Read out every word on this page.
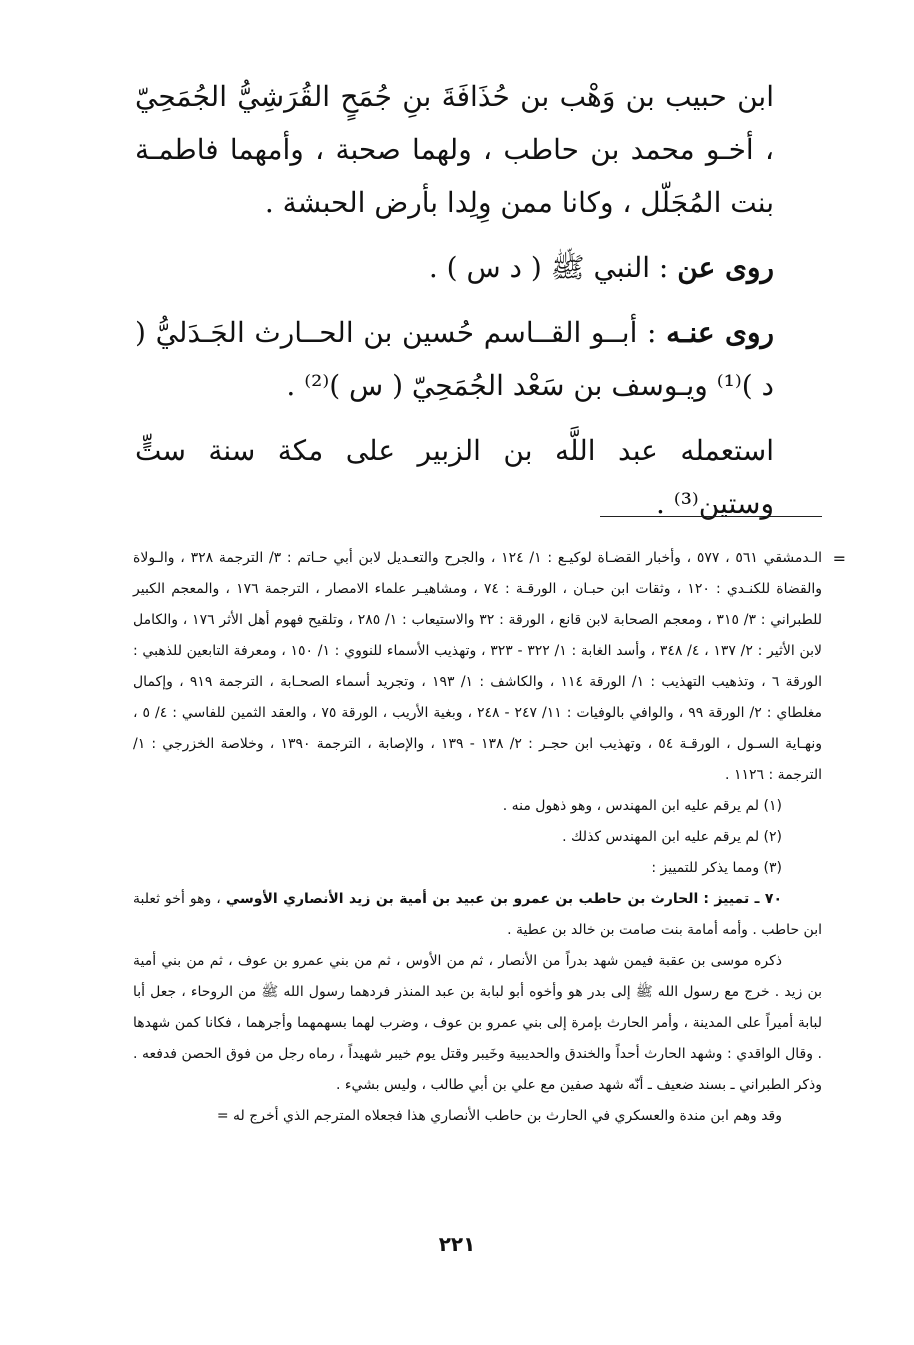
ابن حبيب بن وَهْب بن حُذَافَةَ بنِ جُمَحٍ القُرَشِيُّ الجُمَحِيّ ، أخـو محمد بن حاطب ، ولهما صحبة ، وأمهما فاطمـة بنت المُجَلّل ، وكانا ممن وِلِدا بأرض الحبشة .

روى عن : النبي ﷺ ( د س ) .

روى عنـه : أبــو القــاسم حُسين بن الحــارث الجَـدَليُّ ( د )⁽¹⁾ ويـوسف بن سَعْد الجُمَحِيّ ( س )⁽²⁾ .

استعمله عبد اللَّه بن الزبير على مكة سنة ستٍّ وستين⁽³⁾ .

=
الـدمشقي ٥٦١ ، ٥٧٧ ، وأخبار القضـاة لوكيـع : ١/ ١٢٤ ، والجرح والتعـديل لابن أبي حـاتم : ٣/ الترجمة ٣٢٨ ، والـولاة والقضاة للكنـدي : ١٢٠ ، وثقات ابن حبـان ، الورقـة : ٧٤ ، ومشاهيـر علماء الامصار ، الترجمة ١٧٦ ، والمعجم الكبير للطبراني : ٣/ ٣١٥ ، ومعجم الصحابة لابن قانع ، الورقة : ٣٢ والاستيعاب : ١/ ٢٨٥ ، وتلقيح فهوم أهل الأثر ١٧٦ ، والكامل لابن الأثير : ٢/ ١٣٧ ، ٤/ ٣٤٨ ، وأسد الغابة : ١/ ٣٢٢ - ٣٢٣ ، وتهذيب الأسماء للنووي : ١/ ١٥٠ ، ومعرفة التابعين للذهبي : الورقة ٦ ، وتذهيب التهذيب : ١/ الورقة ١١٤ ، والكاشف : ١/ ١٩٣ ، وتجريد أسماء الصحـابة ، الترجمة ٩١٩ ، وإكمال مغلطاي : ٢/ الورقة ٩٩ ، والوافي بالوفيات : ١١/ ٢٤٧ - ٢٤٨ ، وبغية الأريب ، الورقة ٧٥ ، والعقد الثمين للفاسي : ٤/ ٥ ، ونهـاية السـول ، الورقـة ٥٤ ، وتهذيب ابن حجـر : ٢/ ١٣٨ - ١٣٩ ، والإصابة ، الترجمة ١٣٩٠ ، وخلاصة الخزرجي : ١/ الترجمة : ١١٢٦ .

(١) لم يرقم عليه ابن المهندس ، وهو ذهول منه .

(٢) لم يرقم عليه ابن المهندس كذلك .

(٣) ومما يذكر للتمييز :

٧٠ ـ تمييز : الحارث بن حاطب بن عمرو بن عبيد بن أمية بن زيد الأنصاري الأوسي ، وهو أخو ثعلبة ابن حاطب . وأمه أمامة بنت صامت بن خالد بن عطية .

ذكره موسى بن عقبة فيمن شهد بدراً من الأنصار ، ثم من الأوس ، ثم من بني عمرو بن عوف ، ثم من بني أمية بن زيد . خرج مع رسول الله ﷺ إلى بدر هو وأخوه أبو لبابة بن عبد المنذر فردهما رسول الله ﷺ من الروحاء ، جعل أبا لبابة أميراً على المدينة ، وأمر الحارث بإمرة إلى بني عمرو بن عوف ، وضرب لهما بسهمهما وأجرهما ، فكانا كمن شهدها . وقال الواقدي : وشهد الحارث أحداً والخندق والحديبية وخَيبر وقتل يوم خيبر شهيداً ، رماه رجل من فوق الحصن فدفعه . وذكر الطبراني ـ بسند ضعيف ـ أنّه شهد صفين مع علي بن أبي طالب ، وليس بشيء .

وقد وهم ابن مندة والعسكري في الحارث بن حاطب الأنصاري هذا فجعلاه المترجم الذي أخرج له =

٢٢١
